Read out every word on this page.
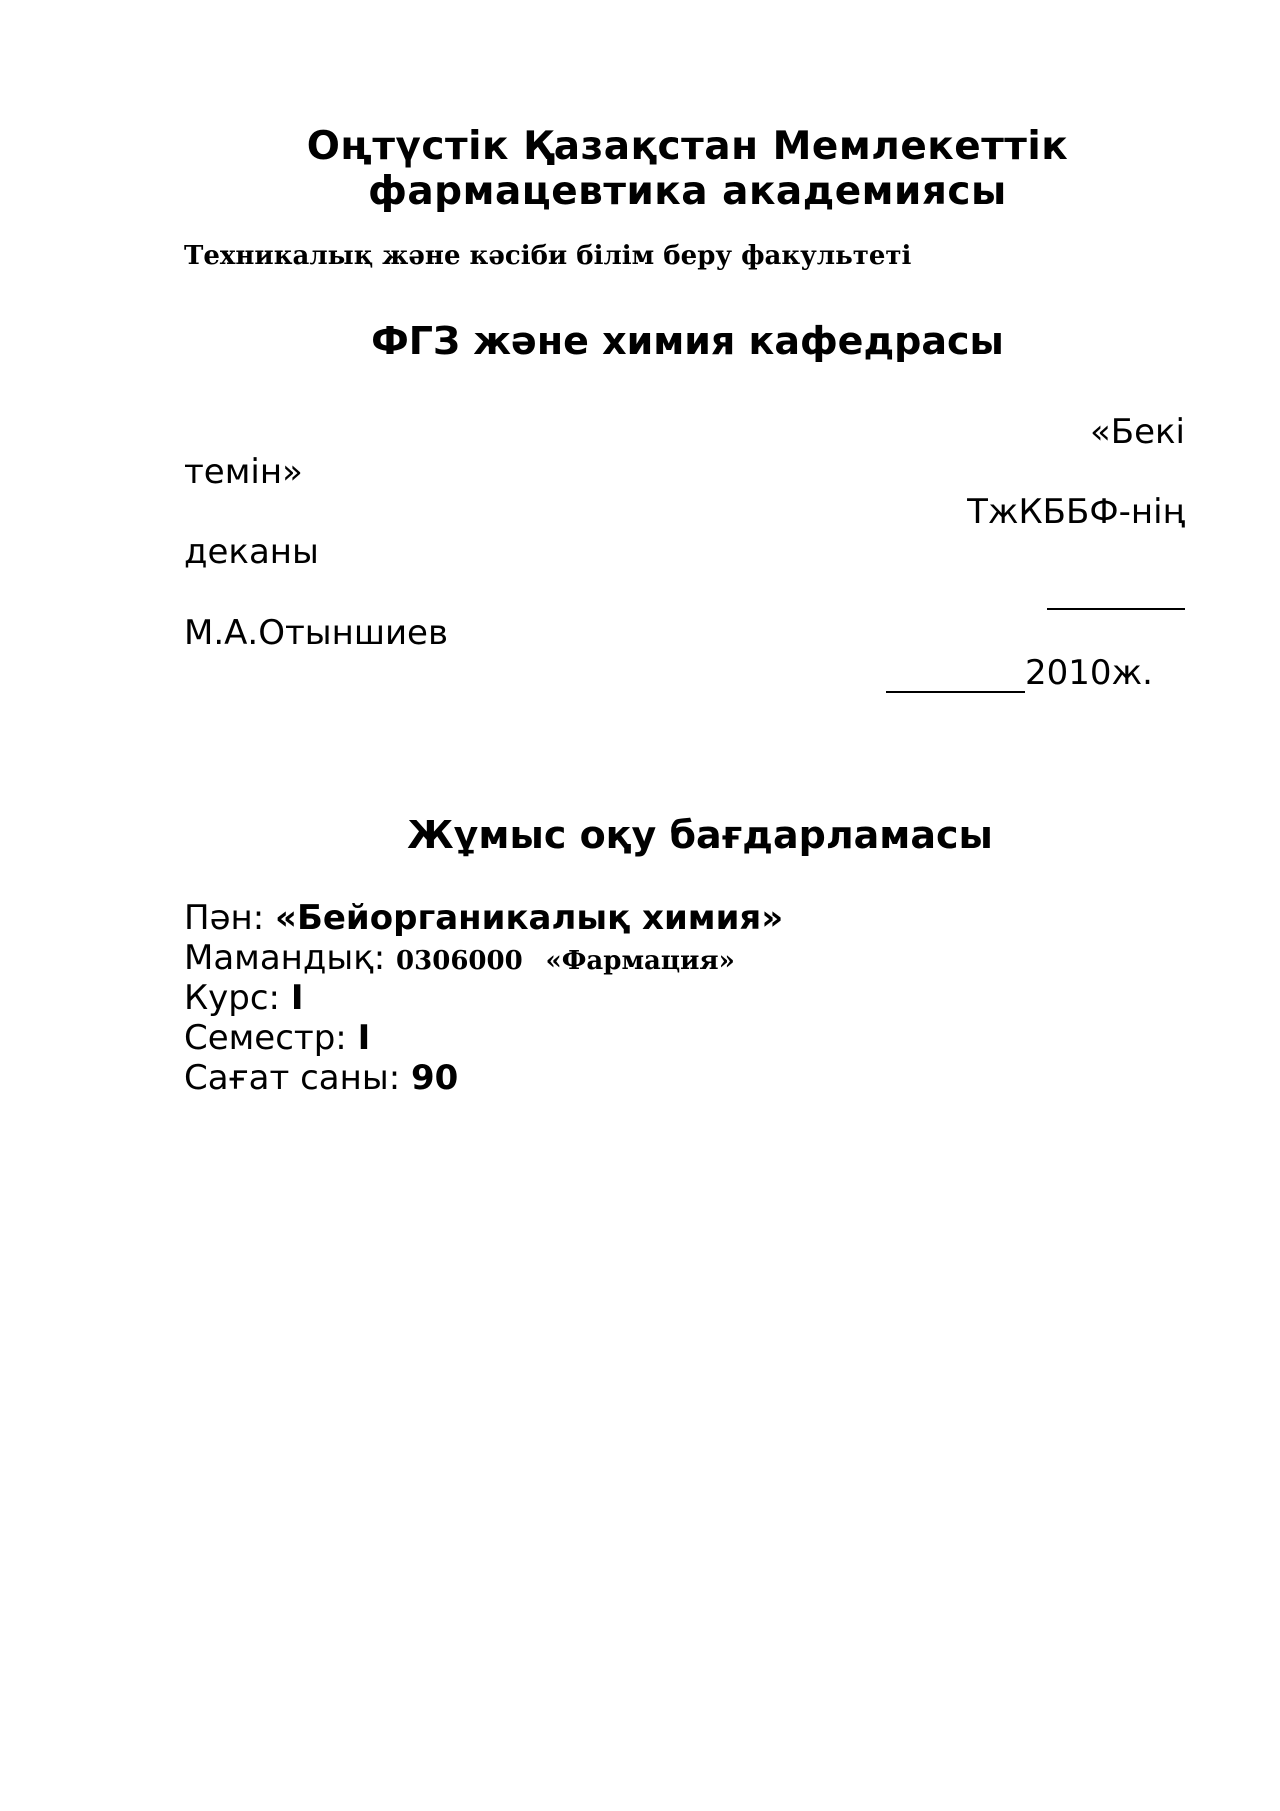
Оңтүстік Қазақстан Мемлекеттік
фармацевтика академиясы
Техникалық және кәсіби білім беру факультеті
ФГЗ және химия кафедрасы
«Бекі
темін»
ТжКББФ-нің
деканы
М.А.Отыншиев
2010ж.
Жұмыс оқу бағдарламасы
Пән: «Бейорганикалық химия»
Мамандық: 0306000 «Фармация»
Курс: I
Семестр: I
Сағат саны: 90
